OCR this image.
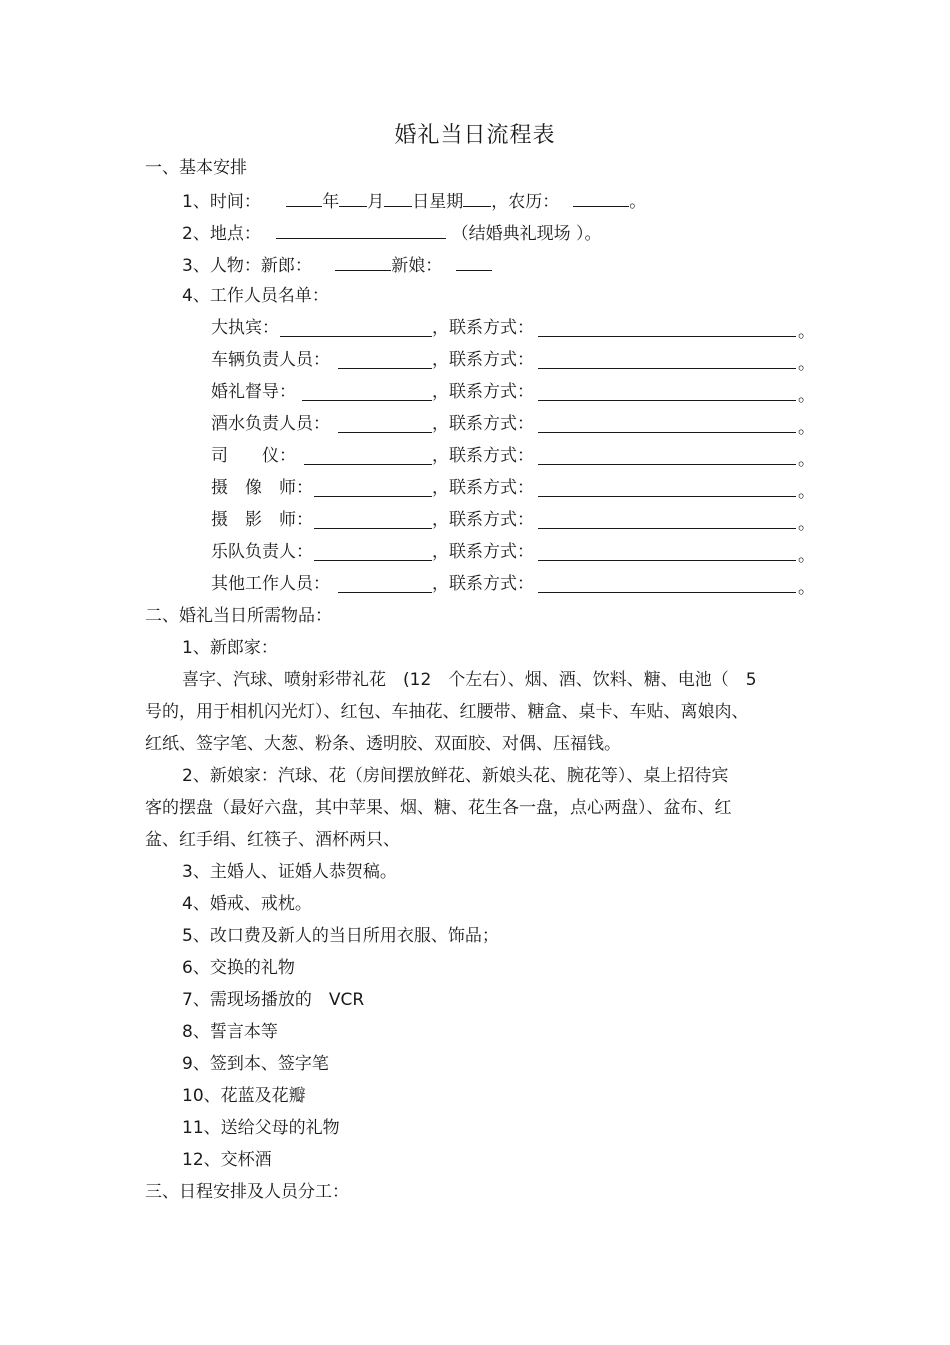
婚礼当日流程表
一、基本安排
1、时间：	年 月 日星期 ，农历：	。
2、地点：	（结婚典礼现场 ）。
3、人物：新郎：	新娘：
4、工作人员名单：
大执宾：	，联系方式：	。
车辆负责人员：	，联系方式：	。
婚礼督导：	，联系方式：	。
酒水负责人员：	，联系方式：	。
司　　仪：	，联系方式：	。
摄　像　师：	，联系方式：	。
摄　影　师：	，联系方式：	。
乐队负责人：	，联系方式：	。
其他工作人员：	，联系方式：	。
二、婚礼当日所需物品：
1、新郎家：
喜字、汽球、喷射彩带礼花　(12　个左右）、烟、酒、饮料、糖、电池（　5
号的，用于相机闪光灯）、红包、车抽花、红腰带、糖盒、桌卡、车贴、离娘肉、
红纸、签字笔、大葱、粉条、透明胶、双面胶、对偶、压福钱。
2、新娘家：汽球、花（房间摆放鲜花、新娘头花、腕花等）、桌上招待宾
客的摆盘（最好六盘，其中苹果、烟、糖、花生各一盘，点心两盘）、盆布、红
盆、红手绢、红筷子、酒杯两只、
3、主婚人、证婚人恭贺稿。
4、婚戒、戒枕。
5、改口费及新人的当日所用衣服、饰品；
6、交换的礼物
7、需现场播放的　VCR
8、誓言本等
9、签到本、签字笔
10、花蓝及花瓣
11、送给父母的礼物
12、交杯酒
三、日程安排及人员分工：
